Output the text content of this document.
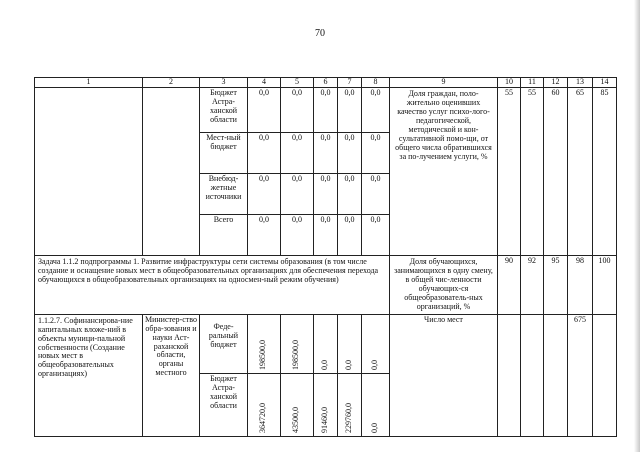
70
1	2	3	4	5	6	7	8	9	10	11	12	13	14
		Бюджет Астра-ханской области	0,0	0,0	0,0	0,0	0,0	Доля граждан, поло-жительно оценивших качество услуг психо-лого-педагогической, методической и кон-сультативной помо-щи, от общего числа обратившихся за по-лучением услуги, %	55	55	60	65	85
		Мест-ный бюджет	0,0	0,0	0,0	0,0	0,0						
		Внебюд-жетные источники	0,0	0,0	0,0	0,0	0,0						
		Всего	0,0	0,0	0,0	0,0	0,0						
Задача 1.1.2 подпрограммы 1. Развитие инфраструктуры сети системы образования (в том числе создание и оснащение новых мест в общеобразовательных организациях для обеспечения перехода обучающихся в общеобразовательных организациях на односмен-ный режим обучения)								Доля обучающихся, занимающихся в одну смену, в общей чис-ленности обучающих-ся общеобразователь-ных организаций, %	90	92	95	98	100
1.1.2.7. Софинансирова-ние капитальных вложе-ний в объекты муници-пальной собственности (Создание новых мест в общеобразовательных организациях)	Министер-ство обра-зования и науки Аст-раханской области, органы местного	Феде-ральный бюджет	198500,0	198500,0	0,0	0,0	0,0	Число мест				675	
		Бюджет Астра-ханской области	364720,0	43500,0	91460,0	229760,0	0,0						
